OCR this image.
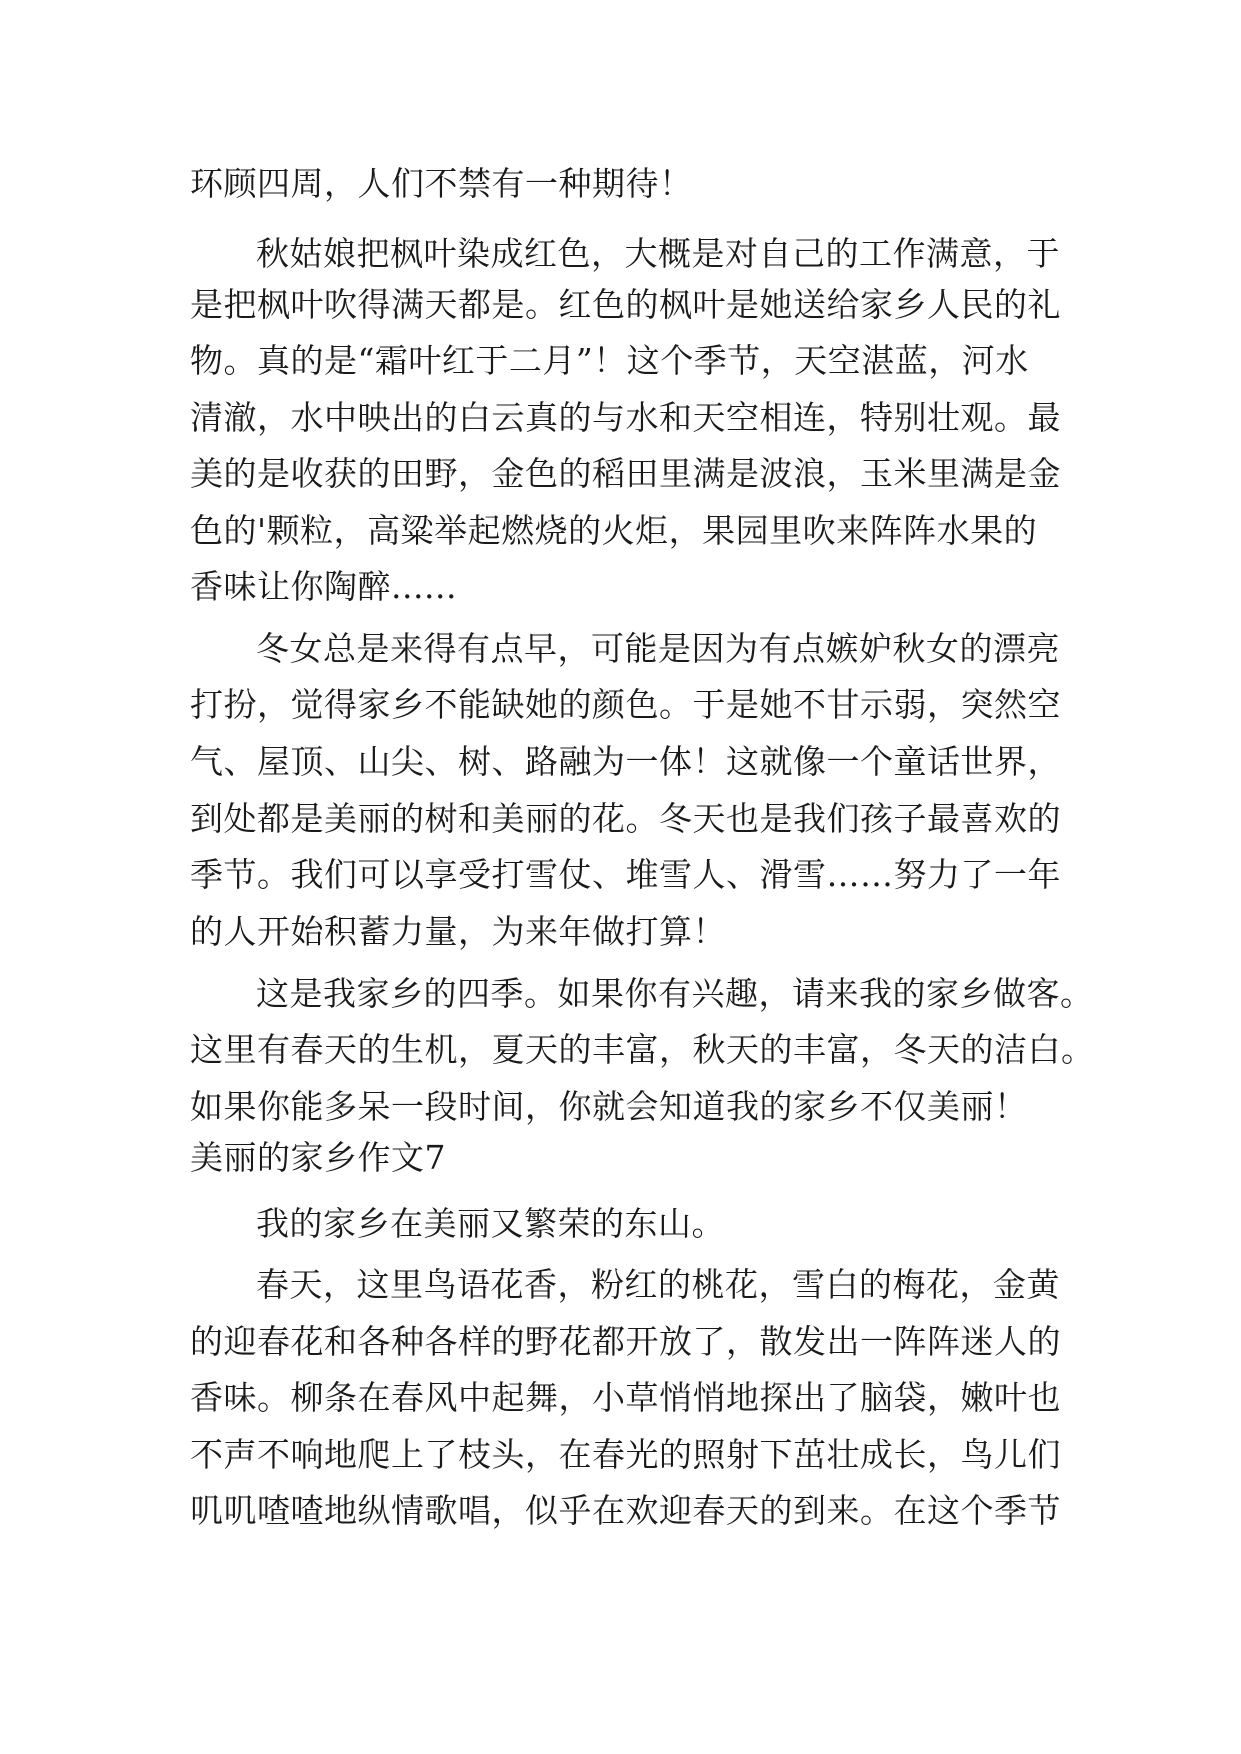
环顾四周，人们不禁有一种期待！
秋姑娘把枫叶染成红色，大概是对自己的工作满意，于
是把枫叶吹得满天都是。红色的枫叶是她送给家乡人民的礼
物。真的是“霜叶红于二月”！这个季节，天空湛蓝，河水
清澈，水中映出的白云真的与水和天空相连，特别壮观。最
美的是收获的田野，金色的稻田里满是波浪，玉米里满是金
色的'颗粒，高粱举起燃烧的火炬，果园里吹来阵阵水果的
香味让你陶醉......
冬女总是来得有点早，可能是因为有点嫉妒秋女的漂亮
打扮，觉得家乡不能缺她的颜色。于是她不甘示弱，突然空
气、屋顶、山尖、树、路融为一体！这就像一个童话世界，
到处都是美丽的树和美丽的花。冬天也是我们孩子最喜欢的
季节。我们可以享受打雪仗、堆雪人、滑雪……努力了一年
的人开始积蓄力量，为来年做打算！
这是我家乡的四季。如果你有兴趣，请来我的家乡做客。
这里有春天的生机，夏天的丰富，秋天的丰富，冬天的洁白。
如果你能多呆一段时间，你就会知道我的家乡不仅美丽！
美丽的家乡作文7
我的家乡在美丽又繁荣的东山。
春天，这里鸟语花香，粉红的桃花，雪白的梅花，金黄
的迎春花和各种各样的野花都开放了，散发出一阵阵迷人的
香味。柳条在春风中起舞，小草悄悄地探出了脑袋，嫩叶也
不声不响地爬上了枝头，在春光的照射下茁壮成长，鸟儿们
叽叽喳喳地纵情歌唱，似乎在欢迎春天的到来。在这个季节
